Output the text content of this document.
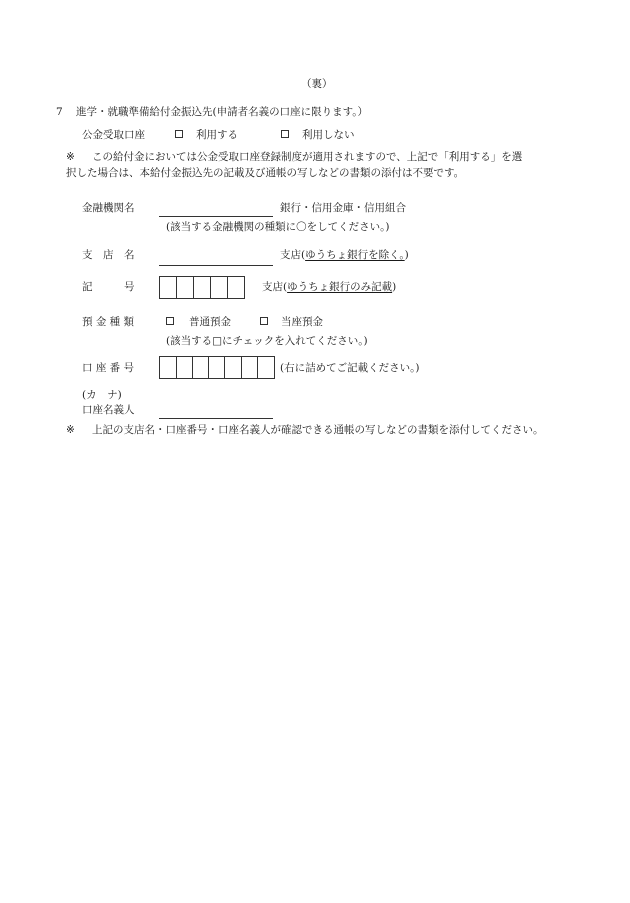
（裏）
7 進学・就職準備給付金振込先(申請者名義の口座に限ります。）
公金受取口座	利用する	利用しない
※ この給付金においては公金受取口座登録制度が適用されますので、上記で「利用する」を選
択した場合は、本給付金振込先の記載及び通帳の写しなどの書類の添付は不要です。
金融機関名	銀行・信用金庫・信用組合
(該当する金融機関の種類に〇をしてください。)
支　店　名	支店(ゆうちょ銀行を除く。)
記　　　号	支店(ゆうちょ銀行のみ記載)
預 金 種 類	普通預金	当座預金
(該当する□にチェックを入れてください。)
口 座 番 号	(右に詰めてご記載ください。)
(カ　ナ)
口座名義人
※ 上記の支店名・口座番号・口座名義人が確認できる通帳の写しなどの書類を添付してください。
